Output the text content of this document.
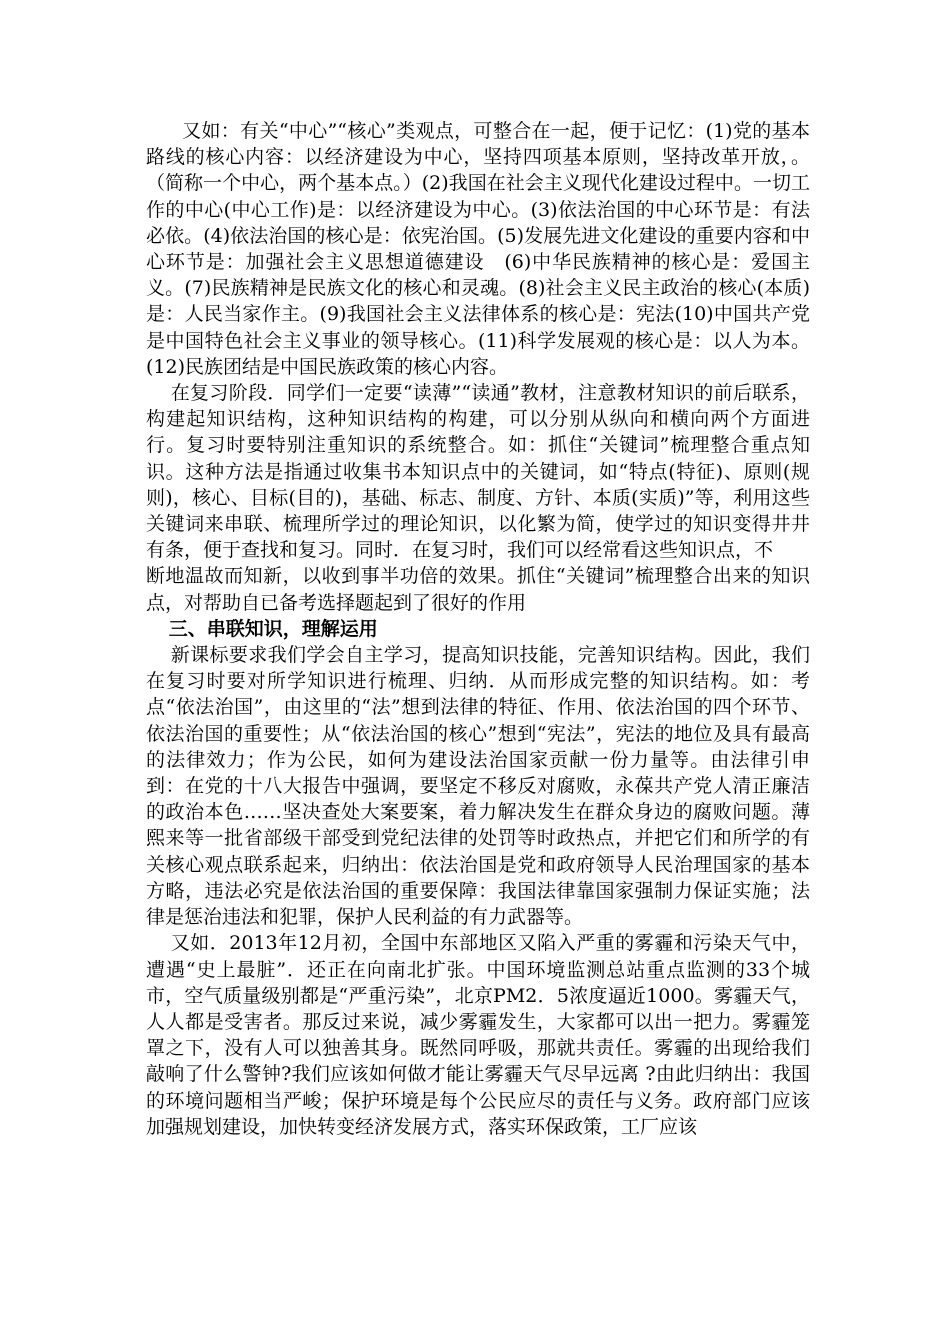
又如：有关“中心”“核心”类观点，可整合在一起，便于记忆：(1)党的基本路线的核心内容：以经济建设为中心，坚持四项基本原则，坚持改革开放，。（简称一个中心，两个基本点。）(2)我国在社会主义现代化建设过程中。一切工作的中心(中心工作)是：以经济建设为中心。(3)依法治国的中心环节是：有法必依。(4)依法治国的核心是：依宪治国。(5)发展先进文化建设的重要内容和中心环节是：加强社会主义思想道德建设　(6)中华民族精神的核心是：爱国主义。(7)民族精神是民族文化的核心和灵魂。(8)社会主义民主政治的核心(本质)是：人民当家作主。(9)我国社会主义法律体系的核心是：宪法(10)中国共产党是中国特色社会主义事业的领导核心。(11)科学发展观的核心是：以人为本。(12)民族团结是中国民族政策的核心内容。

在复习阶段．同学们一定要“读薄”“读通”教材，注意教材知识的前后联系，构建起知识结构，这种知识结构的构建，可以分别从纵向和横向两个方面进行。复习时要特别注重知识的系统整合。如：抓住“关键词”梳理整合重点知识。这种方法是指通过收集书本知识点中的关键词，如“特点(特征)、原则(规则)，核心、目标(目的)，基础、标志、制度、方针、本质(实质)”等，利用这些关键词来串联、梳理所学过的理论知识，以化繁为简，使学过的知识变得井井有条，便于查找和复习。同时．在复习时，我们可以经常看这些知识点，不

断地温故而知新，以收到事半功倍的效果。抓住“关键词”梳理整合出来的知识点，对帮助自已备考选择题起到了很好的作用

三、串联知识，理解运用

新课标要求我们学会自主学习，提高知识技能，完善知识结构。因此，我们在复习时要对所学知识进行梳理、归纳．从而形成完整的知识结构。如：考点“依法治国”，由这里的“法”想到法律的特征、作用、依法治国的四个环节、依法治国的重要性；从“依法治国的核心”想到“宪法”，宪法的地位及具有最高的法律效力；作为公民，如何为建设法治国家贡献一份力量等。由法律引申到：在党的十八大报告中强调，要坚定不移反对腐败，永葆共产党人清正廉洁的政治本色……坚决查处大案要案，着力解决发生在群众身边的腐败问题。薄熙来等一批省部级干部受到党纪法律的处罚等时政热点，并把它们和所学的有关核心观点联系起来，归纳出：依法治国是党和政府领导人民治理国家的基本方略，违法必究是依法治国的重要保障：我国法律靠国家强制力保证实施；法律是惩治违法和犯罪，保护人民利益的有力武器等。

又如．2013年12月初，全国中东部地区又陷入严重的雾霾和污染天气中，遭遇“史上最脏”．还正在向南北扩张。中国环境监测总站重点监测的33个城市，空气质量级别都是“严重污染”，北京PM2．5浓度逼近1000。雾霾天气，人人都是受害者。那反过来说，减少雾霾发生，大家都可以出一把力。雾霾笼罩之下，没有人可以独善其身。既然同呼吸，那就共责任。雾霾的出现给我们敲响了什么警钟?我们应该如何做才能让雾霾天气尽早远离 ?由此归纳出：我国的环境问题相当严峻；保护环境是每个公民应尽的责任与义务。政府部门应该加强规划建设，加快转变经济发展方式，落实环保政策，工厂应该
